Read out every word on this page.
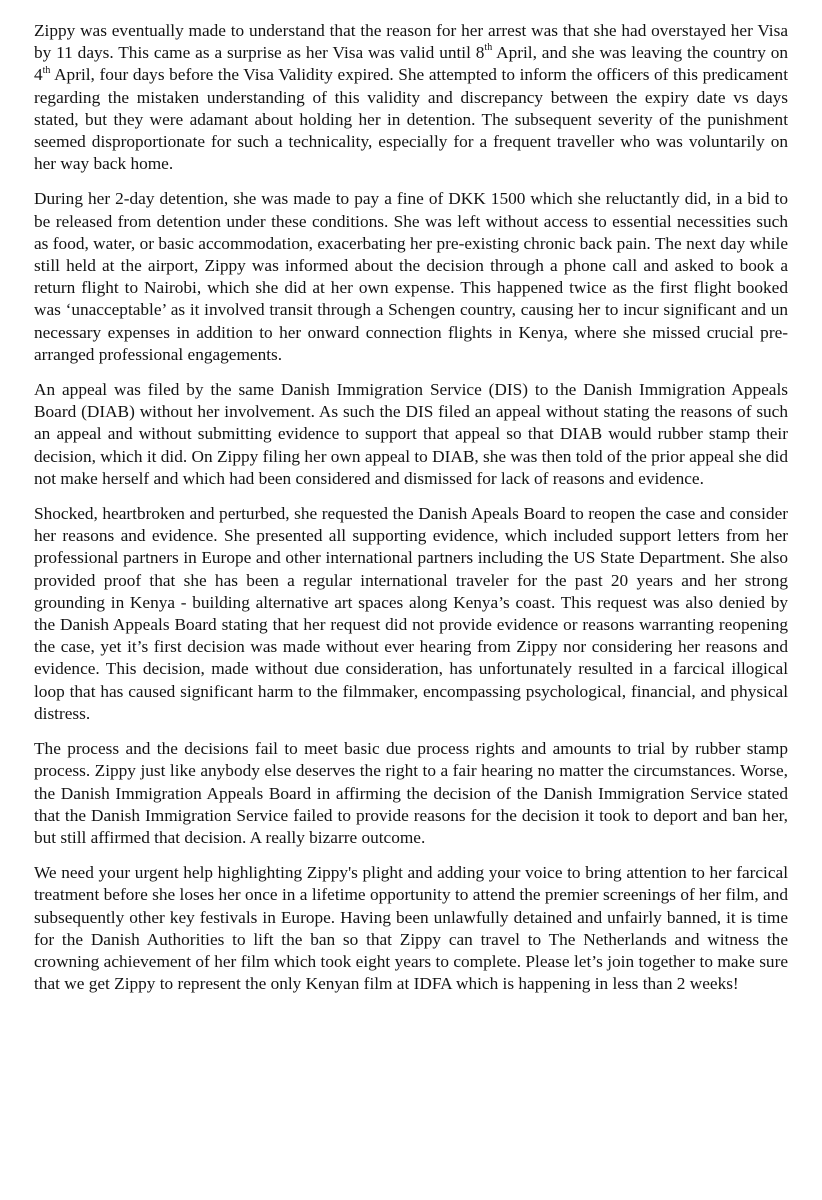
Zippy was eventually made to understand that the reason for her arrest was that she had overstayed her Visa by 11 days. This came as a surprise as her Visa was valid until 8th April, and she was leaving the country on 4th April, four days before the Visa Validity expired. She attempted to inform the officers of this predicament regarding the mistaken understanding of this validity and discrepancy between the expiry date vs days stated, but they were adamant about holding her in detention. The subsequent severity of the punishment seemed disproportionate for such a technicality, especially for a frequent traveller who was voluntarily on her way back home.

During her 2-day detention, she was made to pay a fine of DKK 1500 which she reluctantly did, in a bid to be released from detention under these conditions. She was left without access to essential necessities such as food, water, or basic accommodation, exacerbating her pre-existing chronic back pain. The next day while still held at the airport, Zippy was informed about the decision through a phone call and asked to book a return flight to Nairobi, which she did at her own expense. This happened twice as the first flight booked was ‘unacceptable’ as it involved transit through a Schengen country, causing her to incur significant and un necessary expenses in addition to her onward connection flights in Kenya, where she missed crucial pre-arranged professional engagements.

An appeal was filed by the same Danish Immigration Service (DIS) to the Danish Immigration Appeals Board (DIAB) without her involvement. As such the DIS filed an appeal without stating the reasons of such an appeal and without submitting evidence to support that appeal so that DIAB would rubber stamp their decision, which it did. On Zippy filing her own appeal to DIAB, she was then told of the prior appeal she did not make herself and which had been considered and dismissed for lack of reasons and evidence.

Shocked, heartbroken and perturbed, she requested the Danish Apeals Board to reopen the case and consider her reasons and evidence. She presented all supporting evidence, which included support letters from her professional partners in Europe and other international partners including the US State Department. She also provided proof that she has been a regular international traveler for the past 20 years and her strong grounding in Kenya - building alternative art spaces along Kenya’s coast. This request was also denied by the Danish Appeals Board stating that her request did not provide evidence or reasons warranting reopening the case, yet it’s first decision was made without ever hearing from Zippy nor considering her reasons and evidence. This decision, made without due consideration, has unfortunately resulted in a farcical illogical loop that has caused significant harm to the filmmaker, encompassing psychological, financial, and physical distress.

The process and the decisions fail to meet basic due process rights and amounts to trial by rubber stamp process. Zippy just like anybody else deserves the right to a fair hearing no matter the circumstances. Worse, the Danish Immigration Appeals Board in affirming the decision of the Danish Immigration Service stated that the Danish Immigration Service failed to provide reasons for the decision it took to deport and ban her, but still affirmed that decision. A really bizarre outcome.

We need your urgent help highlighting Zippy's plight and adding your voice to bring attention to her farcical treatment before she loses her once in a lifetime opportunity to attend the premier screenings of her film, and subsequently other key festivals in Europe. Having been unlawfully detained and unfairly banned, it is time for the Danish Authorities to lift the ban so that Zippy can travel to The Netherlands and witness the crowning achievement of her film which took eight years to complete. Please let’s join together to make sure that we get Zippy to represent the only Kenyan film at IDFA which is happening in less than 2 weeks!
